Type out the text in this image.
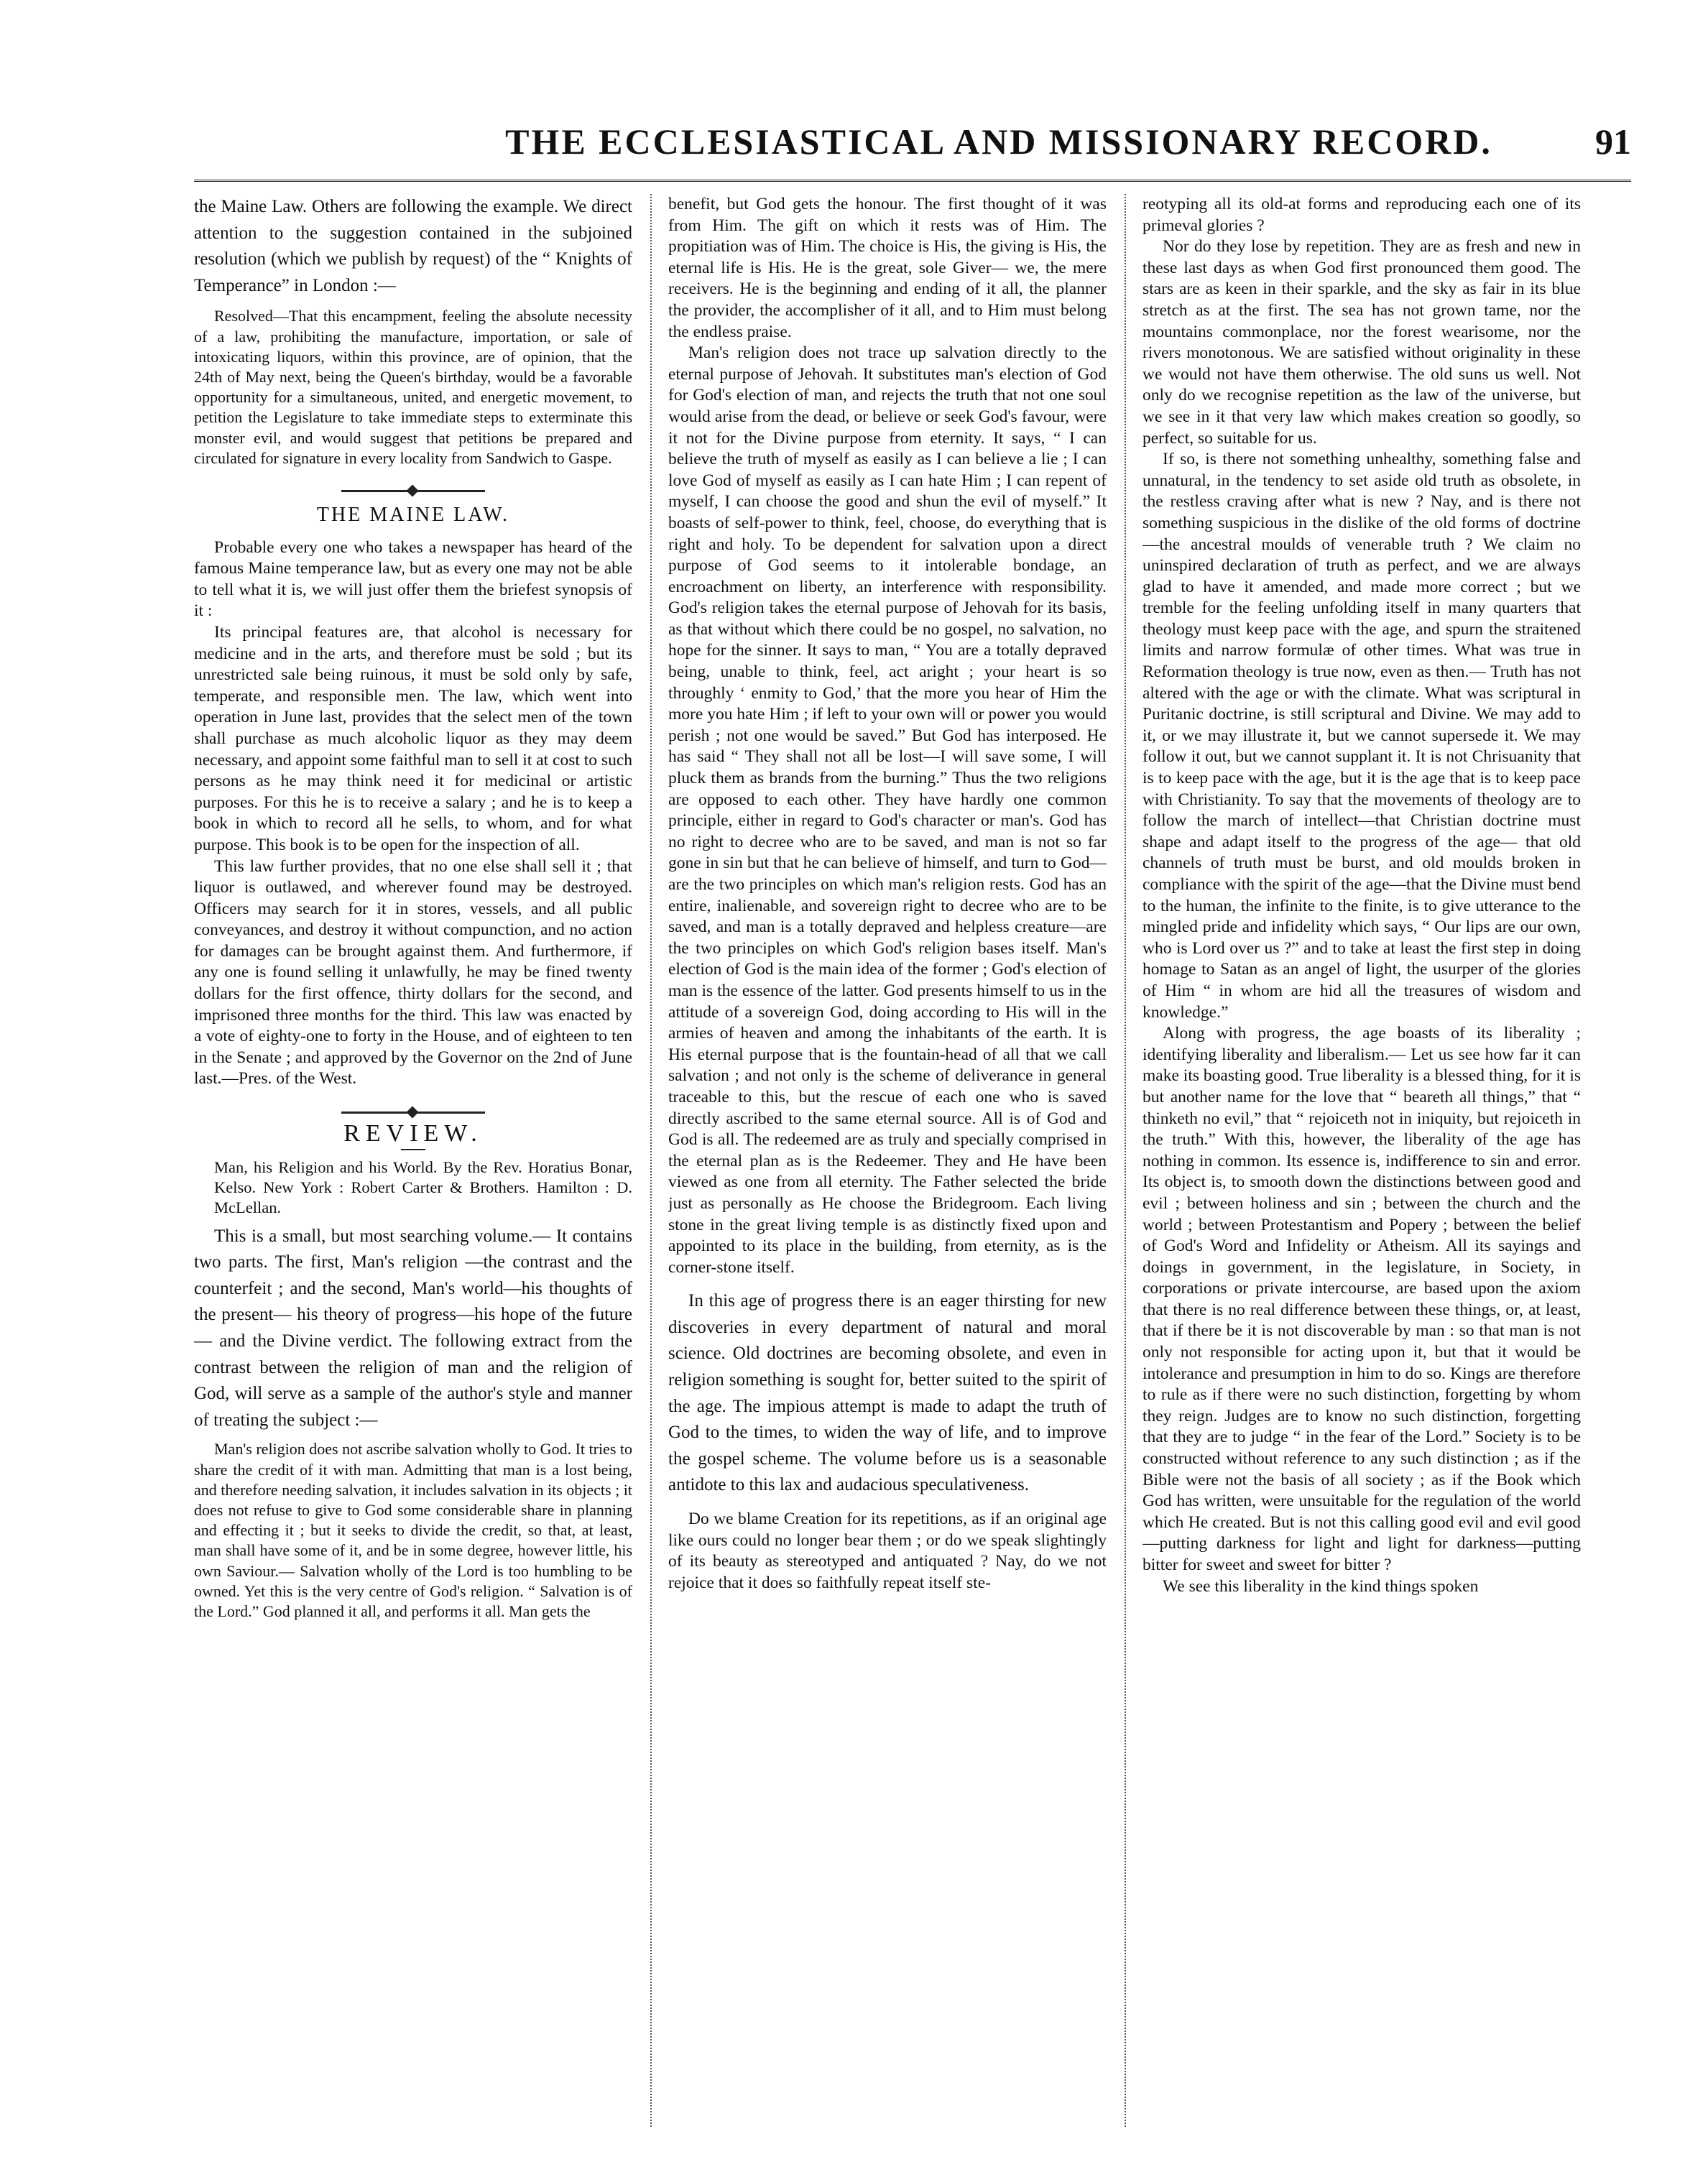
THE ECCLESIASTICAL AND MISSIONARY RECORD.	91

the Maine Law. Others are following the example. We direct attention to the suggestion contained in the subjoined resolution (which we publish by request) of the “ Knights of Temperance” in London :—

Resolved—That this encampment, feeling the absolute necessity of a law, prohibiting the manufacture, importation, or sale of intoxicating liquors, within this province, are of opinion, that the 24th of May next, being the Queen's birthday, would be a favorable opportunity for a simultaneous, united, and energetic movement, to petition the Legislature to take immediate steps to exterminate this monster evil, and would suggest that petitions be prepared and circulated for signature in every locality from Sandwich to Gaspe.

THE MAINE LAW.

Probable every one who takes a newspaper has heard of the famous Maine temperance law, but as every one may not be able to tell what it is, we will just offer them the briefest synopsis of it :

Its principal features are, that alcohol is necessary for medicine and in the arts, and therefore must be sold ; but its unrestricted sale being ruinous, it must be sold only by safe, temperate, and responsible men. The law, which went into operation in June last, provides that the select men of the town shall purchase as much alcoholic liquor as they may deem necessary, and appoint some faithful man to sell it at cost to such persons as he may think need it for medicinal or artistic purposes. For this he is to receive a salary ; and he is to keep a book in which to record all he sells, to whom, and for what purpose. This book is to be open for the inspection of all.

This law further provides, that no one else shall sell it ; that liquor is outlawed, and wherever found may be destroyed. Officers may search for it in stores, vessels, and all public conveyances, and destroy it without compunction, and no action for damages can be brought against them. And furthermore, if any one is found selling it unlawfully, he may be fined twenty dollars for the first offence, thirty dollars for the second, and imprisoned three months for the third. This law was enacted by a vote of eighty-one to forty in the House, and of eighteen to ten in the Senate ; and approved by the Governor on the 2nd of June last.—Pres. of the West.

REVIEW.

Man, his Religion and his World. By the Rev. Horatius Bonar, Kelso. New York : Robert Carter & Brothers. Hamilton : D. McLellan.

This is a small, but most searching volume.— It contains two parts. The first, Man's religion —the contrast and the counterfeit ; and the second, Man's world—his thoughts of the present— his theory of progress—his hope of the future— and the Divine verdict. The following extract from the contrast between the religion of man and the religion of God, will serve as a sample of the author's style and manner of treating the subject :—

Man's religion does not ascribe salvation wholly to God. It tries to share the credit of it with man. Admitting that man is a lost being, and therefore needing salvation, it includes salvation in its objects ; it does not refuse to give to God some considerable share in planning and effecting it ; but it seeks to divide the credit, so that, at least, man shall have some of it, and be in some degree, however little, his own Saviour.— Salvation wholly of the Lord is too humbling to be owned. Yet this is the very centre of God's religion. “ Salvation is of the Lord.” God planned it all, and performs it all. Man gets the

benefit, but God gets the honour. The first thought of it was from Him. The gift on which it rests was of Him. The propitiation was of Him. The choice is His, the giving is His, the eternal life is His. He is the great, sole Giver— we, the mere receivers. He is the beginning and ending of it all, the planner the provider, the accomplisher of it all, and to Him must belong the endless praise.

Man's religion does not trace up salvation directly to the eternal purpose of Jehovah. It substitutes man's election of God for God's election of man, and rejects the truth that not one soul would arise from the dead, or believe or seek God's favour, were it not for the Divine purpose from eternity. It says, “ I can believe the truth of myself as easily as I can believe a lie ; I can love God of myself as easily as I can hate Him ; I can repent of myself, I can choose the good and shun the evil of myself.” It boasts of self-power to think, feel, choose, do everything that is right and holy. To be dependent for salvation upon a direct purpose of God seems to it intolerable bondage, an encroachment on liberty, an interference with responsibility. God's religion takes the eternal purpose of Jehovah for its basis, as that without which there could be no gospel, no salvation, no hope for the sinner. It says to man, “ You are a totally depraved being, unable to think, feel, act aright ; your heart is so throughly ‘ enmity to God,’ that the more you hear of Him the more you hate Him ; if left to your own will or power you would perish ; not one would be saved.” But God has interposed. He has said “ They shall not all be lost—I will save some, I will pluck them as brands from the burning.” Thus the two religions are opposed to each other. They have hardly one common principle, either in regard to God's character or man's. God has no right to decree who are to be saved, and man is not so far gone in sin but that he can believe of himself, and turn to God—are the two principles on which man's religion rests. God has an entire, inalienable, and sovereign right to decree who are to be saved, and man is a totally depraved and helpless creature—are the two principles on which God's religion bases itself. Man's election of God is the main idea of the former ; God's election of man is the essence of the latter. God presents himself to us in the attitude of a sovereign God, doing according to His will in the armies of heaven and among the inhabitants of the earth. It is His eternal purpose that is the fountain-head of all that we call salvation ; and not only is the scheme of deliverance in general traceable to this, but the rescue of each one who is saved directly ascribed to the same eternal source. All is of God and God is all. The redeemed are as truly and specially comprised in the eternal plan as is the Redeemer. They and He have been viewed as one from all eternity. The Father selected the bride just as personally as He choose the Bridegroom. Each living stone in the great living temple is as distinctly fixed upon and appointed to its place in the building, from eternity, as is the corner-stone itself.

In this age of progress there is an eager thirsting for new discoveries in every department of natural and moral science. Old doctrines are becoming obsolete, and even in religion something is sought for, better suited to the spirit of the age. The impious attempt is made to adapt the truth of God to the times, to widen the way of life, and to improve the gospel scheme. The volume before us is a seasonable antidote to this lax and audacious speculativeness.

Do we blame Creation for its repetitions, as if an original age like ours could no longer bear them ; or do we speak slightingly of its beauty as stereotyped and antiquated ? Nay, do we not rejoice that it does so faithfully repeat itself ste-

reotyping all its old-at forms and reproducing each one of its primeval glories ?

Nor do they lose by repetition. They are as fresh and new in these last days as when God first pronounced them good. The stars are as keen in their sparkle, and the sky as fair in its blue stretch as at the first. The sea has not grown tame, nor the mountains commonplace, nor the forest wearisome, nor the rivers monotonous. We are satisfied without originality in these we would not have them otherwise. The old suns us well. Not only do we recognise repetition as the law of the universe, but we see in it that very law which makes creation so goodly, so perfect, so suitable for us.

If so, is there not something unhealthy, something false and unnatural, in the tendency to set aside old truth as obsolete, in the restless craving after what is new ? Nay, and is there not something suspicious in the dislike of the old forms of doctrine—the ancestral moulds of venerable truth ? We claim no uninspired declaration of truth as perfect, and we are always glad to have it amended, and made more correct ; but we tremble for the feeling unfolding itself in many quarters that theology must keep pace with the age, and spurn the straitened limits and narrow formulæ of other times. What was true in Reformation theology is true now, even as then.— Truth has not altered with the age or with the climate. What was scriptural in Puritanic doctrine, is still scriptural and Divine. We may add to it, or we may illustrate it, but we cannot supersede it. We may follow it out, but we cannot supplant it. It is not Chrisuanity that is to keep pace with the age, but it is the age that is to keep pace with Christianity. To say that the movements of theology are to follow the march of intellect—that Christian doctrine must shape and adapt itself to the progress of the age— that old channels of truth must be burst, and old moulds broken in compliance with the spirit of the age—that the Divine must bend to the human, the infinite to the finite, is to give utterance to the mingled pride and infidelity which says, “ Our lips are our own, who is Lord over us ?” and to take at least the first step in doing homage to Satan as an angel of light, the usurper of the glories of Him “ in whom are hid all the treasures of wisdom and knowledge.”

Along with progress, the age boasts of its liberality ; identifying liberality and liberalism.— Let us see how far it can make its boasting good. True liberality is a blessed thing, for it is but another name for the love that “ beareth all things,” that “ thinketh no evil,” that “ rejoiceth not in iniquity, but rejoiceth in the truth.” With this, however, the liberality of the age has nothing in common. Its essence is, indifference to sin and error. Its object is, to smooth down the distinctions between good and evil ; between holiness and sin ; between the church and the world ; between Protestantism and Popery ; between the belief of God's Word and Infidelity or Atheism. All its sayings and doings in government, in the legislature, in Society, in corporations or private intercourse, are based upon the axiom that there is no real difference between these things, or, at least, that if there be it is not discoverable by man : so that man is not only not responsible for acting upon it, but that it would be intolerance and presumption in him to do so. Kings are therefore to rule as if there were no such distinction, forgetting by whom they reign. Judges are to know no such distinction, forgetting that they are to judge “ in the fear of the Lord.” Society is to be constructed without reference to any such distinction ; as if the Bible were not the basis of all society ; as if the Book which God has written, were unsuitable for the regulation of the world which He created. But is not this calling good evil and evil good—putting darkness for light and light for darkness—putting bitter for sweet and sweet for bitter ?

We see this liberality in the kind things spoken
